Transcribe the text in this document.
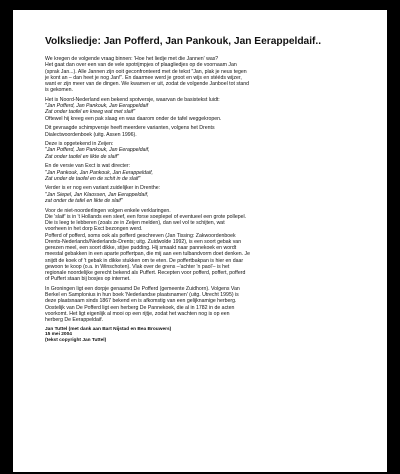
Volksliedje: Jan Pofferd, Jan Pankouk, Jan Eerappeldaif..
We kregen de volgende vraag binnen: 'Hoe het liedje met die Jannen' was?
Het gaat dan over een van de vele spotrijmpjes of plaagliedjes op de voornaam Jan
(sprak Jan...). Alle Jannen zijn ooit geconfronteerd met de tekst "Jan, plak je neus tegen
je kont an – dan heet je nog Jan!". En daarmee werd je groot en wijs en stééds wijzer,
want er zijn meer van de dingen. We kwamen er uit, zodat de volgende Janboel tot stand
is gekomen.
Het is Noord-Nederland een bekend spotversje, waarvan de basistekst luidt:
"Jan Pofferd, Jan Pankouk, Jan Eerappeldaif
Zat onder taofel en kreeg wat met slaif"
Oftewel hij kreeg een pak slaag en was daarom onder de tafel weggekropen.
Dit gevraagde schimpversje heeft meerdere varianten, volgens het Drents
Dialectwoordenboek (uitg. Assen 1996).
Deze is opgetekend in Zeijen:
"Jan Pofferd, Jan Pankouk, Jan Eerappeldaif,
Zat onder taofel en likte de slaif"
En de versie van Exct is wat directer:
"Jan Pankouk, Jan Pankouk, Jan Eerappeldaif,
Zat under de taofel en de schit in de slaif"
Verder is er nog een variant zuidelijker in Drenthe:
"Jan Siepel, Jan Klaossen, Jan Eerappeldaif,
zat onder de tafel en likte de slaif"
Voor de niet-noorderlingen volgen enkele verklaringen.
Die 'slaif' is in 't Hollands een sleef, een forse soeplepel of eventueel een grote pollepel.
Die is leeg te lebberen (zoals ze in Zeijen melden), dan wel vol te schijten, wat
voorheen in het dorp Exct bezongen werd.
Pofferd of pofferd, soms ook als pofferd geschreven (Jan Tissing: Zakwoordenboek
Drents-Nederlands/Nederlands-Drents; uitg. Zuidwolde 1992), is een soort gebak van
gerezen meel, een soort dikke, stijve pudding. Hij smaakt naar pannekoek en wordt
meestal gebakken in een aparte poffertpan, die mij aan een tulbandvorm doet denken. Je
snijdt de koek of 't gebak in dikke stukken om te eten. De poffertbakpan is hier en daar
gewoon te koop (o.a. in Winschoten). Vlak over de grens –'achter 'n paol'– is het
regionale noordelijke gerecht bekend als Puffert. Recepten voor pofferd, poffert, pofferd
of Puffert staan bij bosjes op internet.
In Groningen ligt een dorpje genaamd De Pofferd (gemeente Zuidhorn). Volgens Van
Berkel en Samplonius in hun boek 'Nederlandse plaatsnamen' (uitg. Utrecht 1995) is
deze plaatsnaam sinds 1867 bekend en is afkomstig van een gelijknamige herberg.
Oostelijk van De Pofferd ligt een herberg De Pannekoek, die al in 1782 in de acten
voorkomt. Het ligt eigenlijk al mooi op een rijtje, zodat het wachten nog is op een
herberg De Eerappeldaif.
Jan Tuttel (met dank aan Bart Nijstad en Bea Brouwers)
15 mei 2004
(tekst copyright Jan Tuttel)
